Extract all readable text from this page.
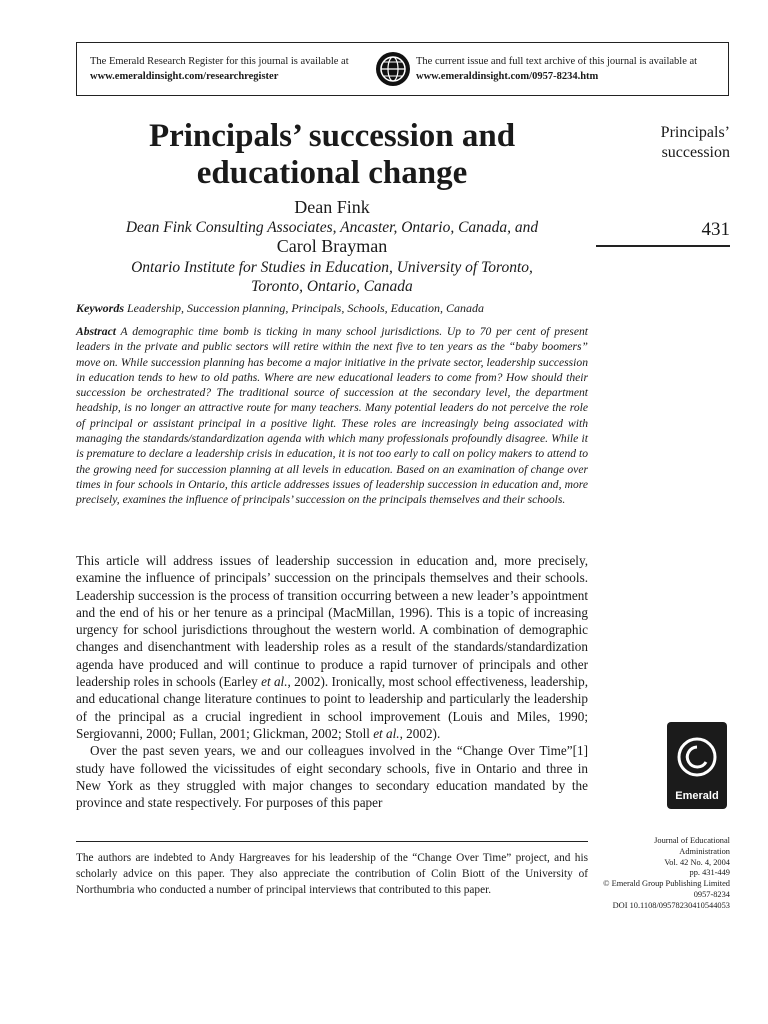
The Emerald Research Register for this journal is available at
www.emeraldinsight.com/researchregister
The current issue and full text archive of this journal is available at
www.emeraldinsight.com/0957-8234.htm
Principals’ succession and
educational change
Dean Fink
Dean Fink Consulting Associates, Ancaster, Ontario, Canada, and
Carol Brayman
Ontario Institute for Studies in Education, University of Toronto,
Toronto, Ontario, Canada
Principals’
succession
431
Keywords Leadership, Succession planning, Principals, Schools, Education, Canada
Abstract A demographic time bomb is ticking in many school jurisdictions. Up to 70 per cent of present leaders in the private and public sectors will retire within the next five to ten years as the “baby boomers” move on. While succession planning has become a major initiative in the private sector, leadership succession in education tends to hew to old paths. Where are new educational leaders to come from? How should their succession be orchestrated? The traditional source of succession at the secondary level, the department headship, is no longer an attractive route for many teachers. Many potential leaders do not perceive the role of principal or assistant principal in a positive light. These roles are increasingly being associated with managing the standards/standardization agenda with which many professionals profoundly disagree. While it is premature to declare a leadership crisis in education, it is not too early to call on policy makers to attend to the growing need for succession planning at all levels in education. Based on an examination of change over times in four schools in Ontario, this article addresses issues of leadership succession in education and, more precisely, examines the influence of principals’ succession on the principals themselves and their schools.

This article will address issues of leadership succession in education and, more precisely, examine the influence of principals’ succession on the principals themselves and their schools. Leadership succession is the process of transition occurring between a new leader’s appointment and the end of his or her tenure as a principal (MacMillan, 1996). This is a topic of increasing urgency for school jurisdictions throughout the western world. A combination of demographic changes and disenchantment with leadership roles as a result of the standards/standardization agenda have produced and will continue to produce a rapid turnover of principals and other leadership roles in schools (Earley et al., 2002). Ironically, most school effectiveness, leadership, and educational change literature continues to point to leadership and particularly the leadership of the principal as a crucial ingredient in school improvement (Louis and Miles, 1990; Sergiovanni, 2000; Fullan, 2001; Glickman, 2002; Stoll et al., 2002).

Over the past seven years, we and our colleagues involved in the “Change Over Time”[1] study have followed the vicissitudes of eight secondary schools, five in Ontario and three in New York as they struggled with major changes to secondary education mandated by the province and state respectively. For purposes of this paper

The authors are indebted to Andy Hargreaves for his leadership of the “Change Over Time” project, and his scholarly advice on this paper. They also appreciate the contribution of Colin Biott of the University of Northumbria who conducted a number of principal interviews that contributed to this paper.

Emerald
Journal of Educational
Administration
Vol. 42 No. 4, 2004
pp. 431-449
© Emerald Group Publishing Limited
0957-8234
DOI 10.1108/09578230410544053
